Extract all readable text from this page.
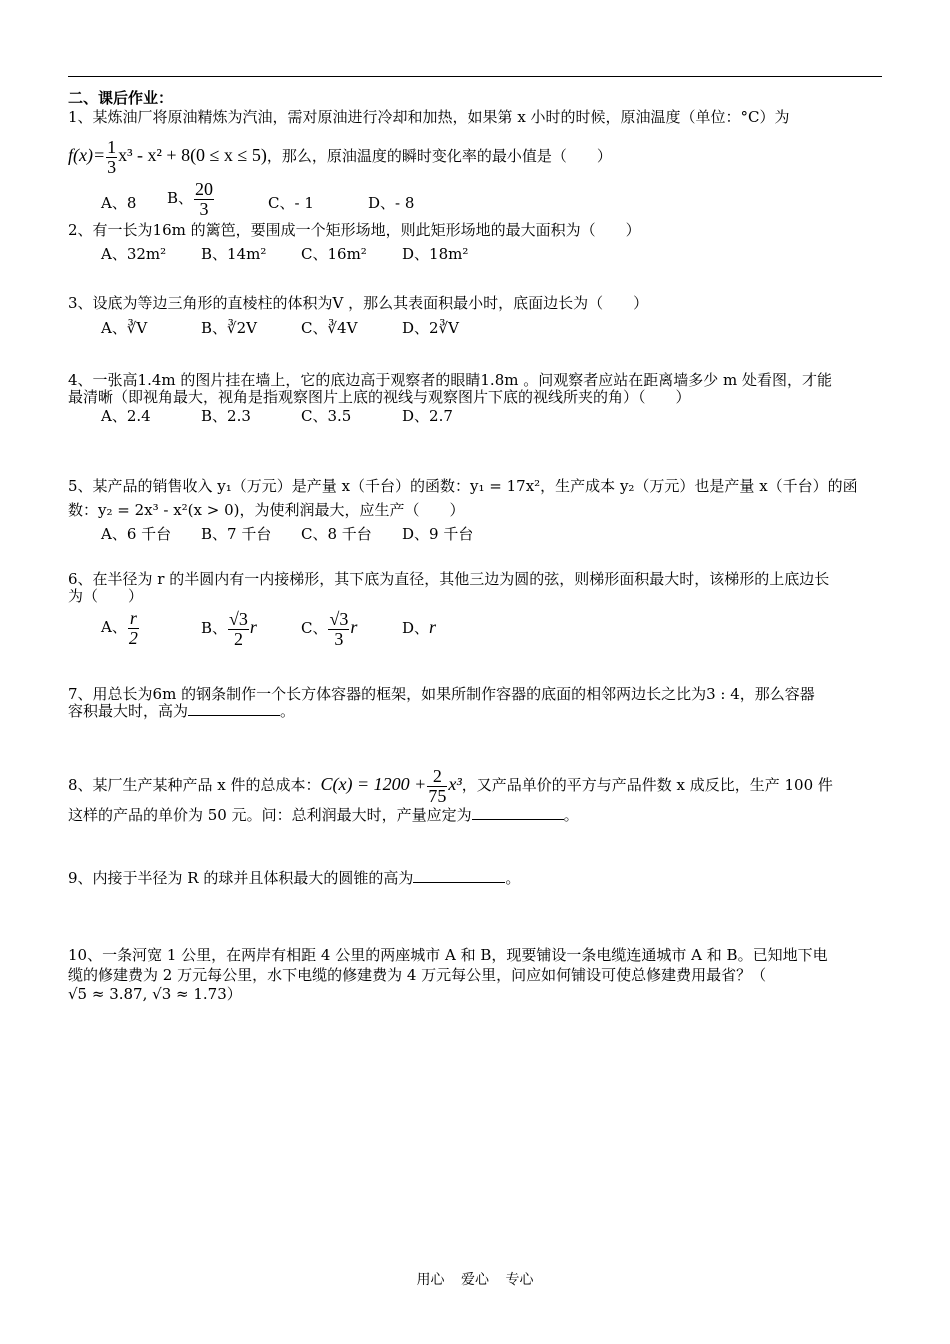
二、课后作业：
1、某炼油厂将原油精炼为汽油，需对原油进行冷却和加热，如果第 x 小时的时候，原油温度（单位：°C）为
$f(x)= \frac{1}{3} x^3 - x^2 + 8(0 \le x \le 5)$，那么，原油温度的瞬时变化率的最小值是（　　）
A、8 B、 $\frac{20}{3}$	C、- 1	D、- 8
2、有一长为16m 的篱笆，要围成一个矩形场地，则此矩形场地的最大面积为（　　）
A、32m² B、14m² C、16m² D、18m²
3、设底为等边三角形的直棱柱的体积为V ，那么其表面积最小时，底面边长为（　　）
A、∛V	B、∛2V	C、∛4V	D、2∛V
4、一张高1.4m 的图片挂在墙上，它的底边高于观察者的眼睛1.8m 。问观察者应站在距离墙多少 m 处看图，才能
最清晰（即视角最大，视角是指观察图片上底的视线与观察图片下底的视线所夹的角）（　　）
A、2.4	B、2.3	C、3.5	D、2.7
5、某产品的销售收入 y₁（万元）是产量 x（千台）的函数：y₁ = 17x²，生产成本 y₂（万元）也是产量 x（千台）的函
数：y₂ = 2x³ - x²(x > 0)，为使利润最大，应生产（　　）
A、6 千台 B、7 千台 C、8 千台 D、9 千台
6、在半径为 r 的半圆内有一内接梯形，其下底为直径，其他三边为圆的弦，则梯形面积最大时，该梯形的上底边长
为（　　）
A、 $\frac{r}{2}$	B、 $\frac{√3}{2}$ r	C、 $\frac{√3}{3}$ r	D、r
7、用总长为6m 的钢条制作一个长方体容器的框架，如果所制作容器的底面的相邻两边长之比为3 : 4，那么容器
容积最大时，高为	。
8、某厂生产某种产品 x 件的总成本：$C(x) = 1200 + \frac{2}{75} x^3$，又产品单价的平方与产品件数 x 成反比，生产 100 件
这样的产品的单价为 50 元。问：总利润最大时，产量应定为	。
9、内接于半径为 R 的球并且体积最大的圆锥的高为	。
10、一条河宽 1 公里，在两岸有相距 4 公里的两座城市 A 和 B，现要铺设一条电缆连通城市 A 和 B。已知地下电
缆的修建费为 2 万元每公里，水下电缆的修建费为 4 万元每公里，问应如何铺设可使总修建费用最省？（
√5 ≈ 3.87, √3 ≈ 1.73）
用心 爱心 专心
